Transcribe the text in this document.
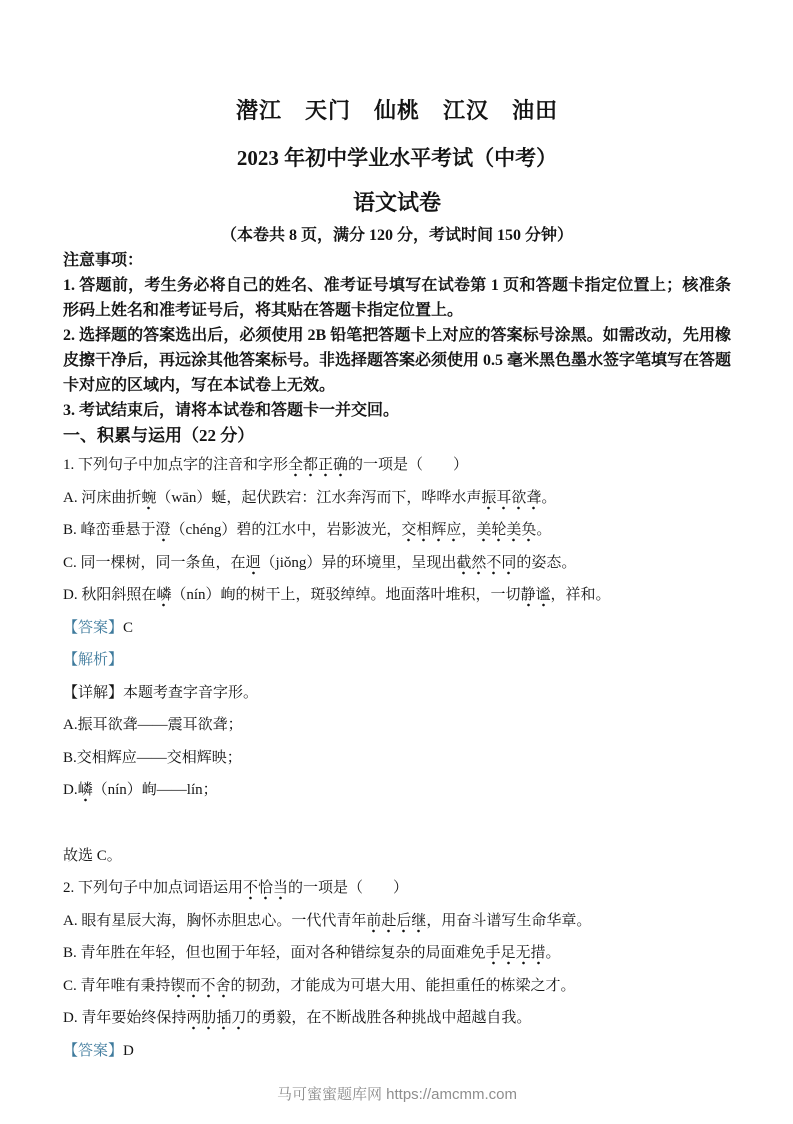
潜江　天门　仙桃　江汉　油田
2023 年初中学业水平考试（中考）
语文试卷
（本卷共 8 页，满分 120 分，考试时间 150 分钟）
注意事项：

1. 答题前，考生务必将自己的姓名、准考证号填写在试卷第 1 页和答题卡指定位置上；核准条形码上姓名和准考证号后，将其贴在答题卡指定位置上。

2. 选择题的答案选出后，必须使用 2B 铅笔把答题卡上对应的答案标号涂黑。如需改动，先用橡皮擦干净后，再远涂其他答案标号。非选择题答案必须使用 0.5 毫米黑色墨水签字笔填写在答题卡对应的区域内，写在本试卷上无效。

3. 考试结束后，请将本试卷和答题卡一并交回。

一、积累与运用（22 分）
1. 下列句子中加点字的注音和字形全都正确的一项是（　　）
A. 河床曲折蜿（wān）蜒，起伏跌宕：江水奔泻而下，哗哗水声振耳欲聋。
B. 峰峦垂悬于澄（chéng）碧的江水中，岩影波光，交相辉应，美轮美奂。
C. 同一棵树，同一条鱼，在迥（jiǒng）异的环境里，呈现出截然不同的姿态。
D. 秋阳斜照在嶙（nín）峋的树干上，斑驳绰绰。地面落叶堆积，一切静谧，祥和。
【答案】C
【解析】
【详解】本题考查字音字形。
A.振耳欲聋——震耳欲聋；
B.交相辉应——交相辉映；
D.嶙（nín）峋——lín；
故选 C。
2. 下列句子中加点词语运用不恰当的一项是（　　）
A. 眼有星辰大海，胸怀赤胆忠心。一代代青年前赴后继，用奋斗谱写生命华章。
B. 青年胜在年轻，但也囿于年轻，面对各种错综复杂的局面难免手足无措。
C. 青年唯有秉持锲而不舍的韧劲，才能成为可堪大用、能担重任的栋梁之才。
D. 青年要始终保持两肋插刀的勇毅，在不断战胜各种挑战中超越自我。
【答案】D
马可蜜蜜题库网 https://amcmm.com
